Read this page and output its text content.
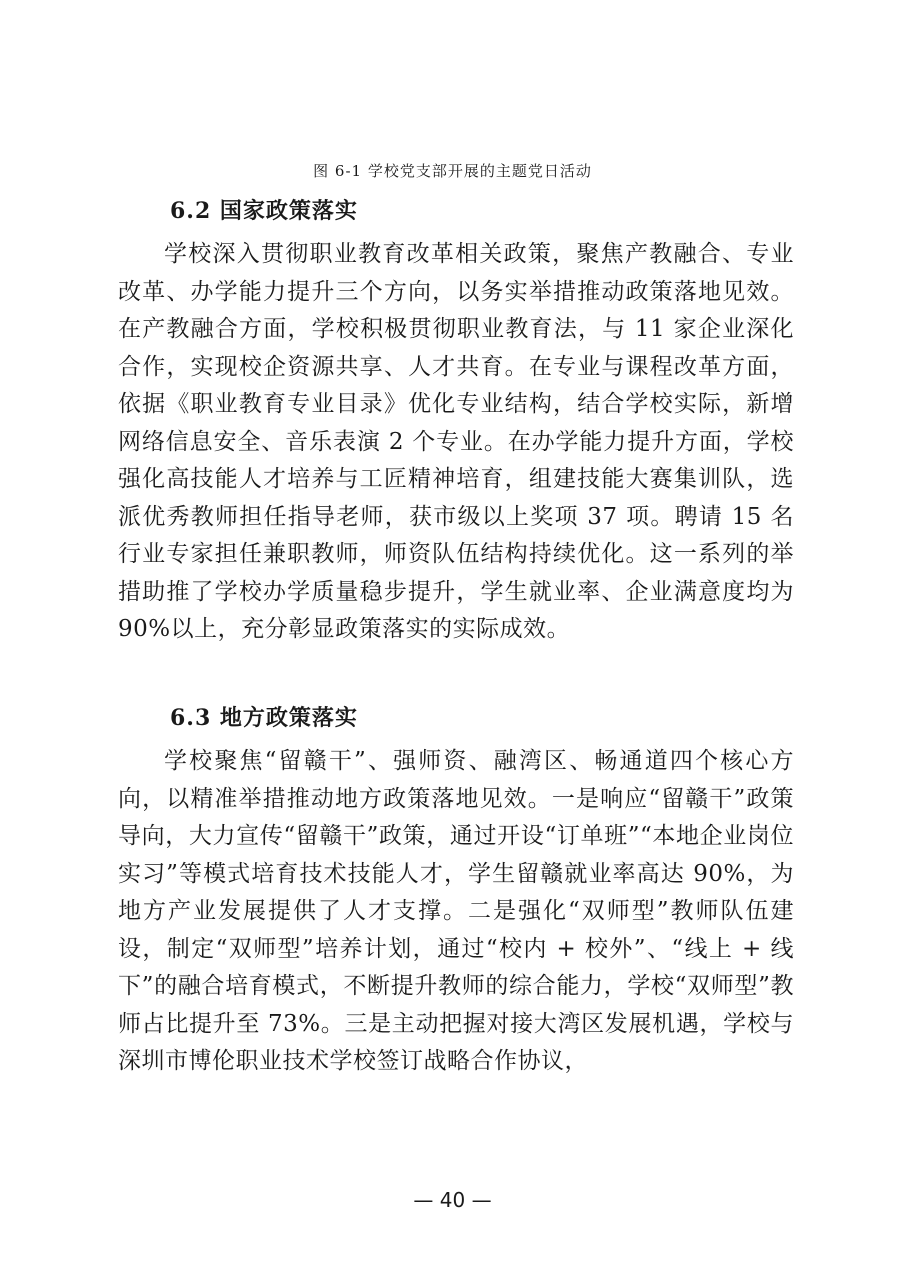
图 6-1 学校党支部开展的主题党日活动
6.2 国家政策落实

学校深入贯彻职业教育改革相关政策，聚焦产教融合、专业改革、办学能力提升三个方向，以务实举措推动政策落地见效。在产教融合方面，学校积极贯彻职业教育法，与 11 家企业深化合作，实现校企资源共享、人才共育。在专业与课程改革方面，依据《职业教育专业目录》优化专业结构，结合学校实际，新增网络信息安全、音乐表演 2 个专业。在办学能力提升方面，学校强化高技能人才培养与工匠精神培育，组建技能大赛集训队，选派优秀教师担任指导老师，获市级以上奖项 37 项。聘请 15 名行业专家担任兼职教师，师资队伍结构持续优化。这一系列的举措助推了学校办学质量稳步提升，学生就业率、企业满意度均为 90%以上，充分彰显政策落实的实际成效。

6.3 地方政策落实

学校聚焦“留赣干”、强师资、融湾区、畅通道四个核心方向，以精准举措推动地方政策落地见效。一是响应“留赣干”政策导向，大力宣传“留赣干”政策，通过开设“订单班”“本地企业岗位实习”等模式培育技术技能人才，学生留赣就业率高达 90%，为地方产业发展提供了人才支撑。二是强化“双师型”教师队伍建设，制定“双师型”培养计划，通过“校内 + 校外”、“线上 + 线下”的融合培育模式，不断提升教师的综合能力，学校“双师型”教师占比提升至 73%。三是主动把握对接大湾区发展机遇，学校与深圳市博伦职业技术学校签订战略合作协议，

— 40 —
